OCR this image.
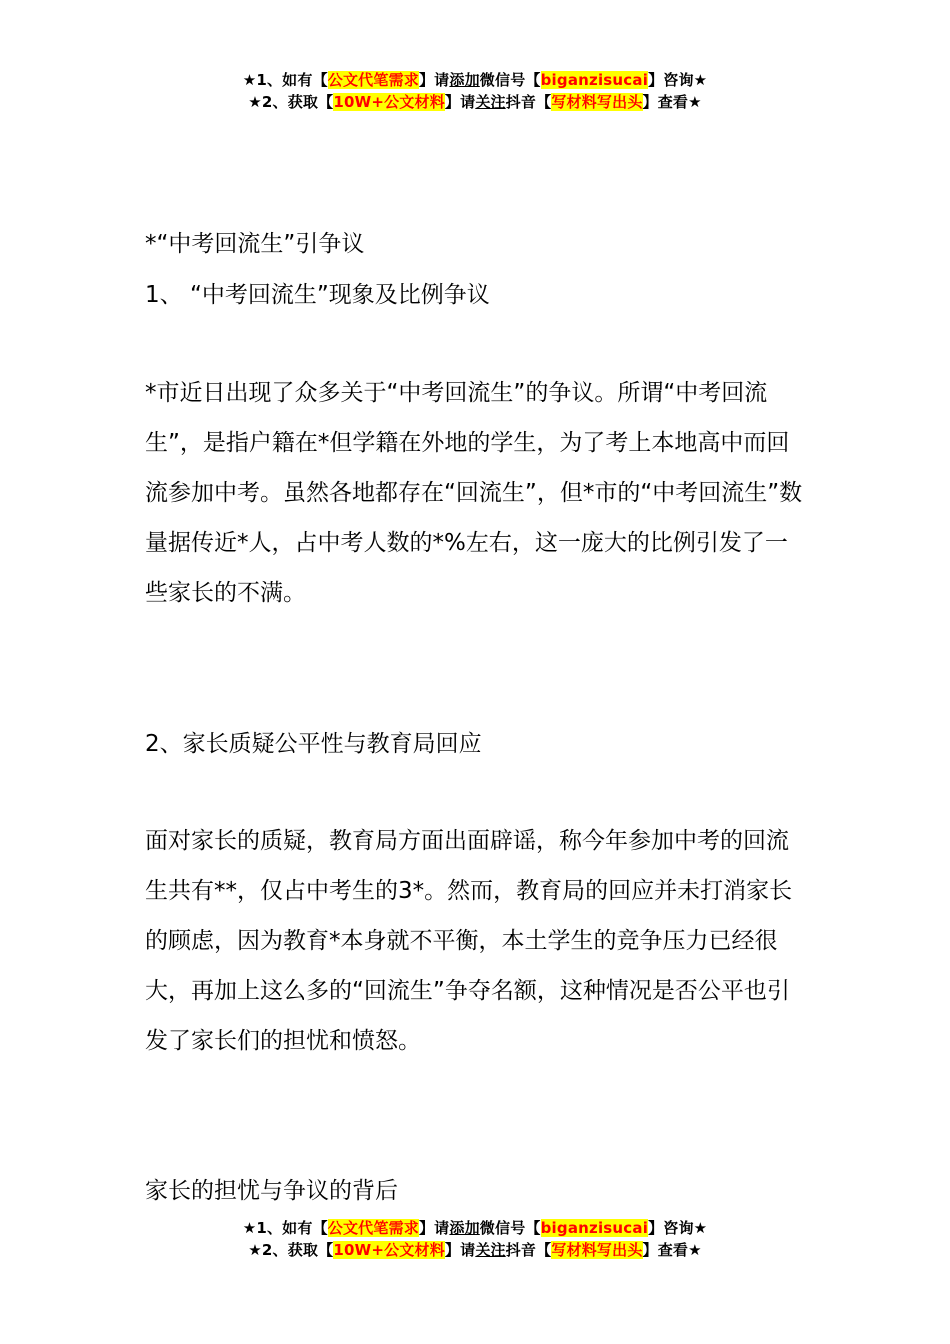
★1、如有【公文代笔需求】请添加微信号【biganzisucai】咨询★
★2、获取【10W+公文材料】请关注抖音【写材料写出头】查看★
*“中考回流生”引争议
1、 “中考回流生”现象及比例争议

*市近日出现了众多关于“中考回流生”的争议。所谓“中考回流生”，是指户籍在*但学籍在外地的学生，为了考上本地高中而回流参加中考。虽然各地都存在“回流生”，但*市的“中考回流生”数量据传近*人，占中考人数的*%左右，这一庞大的比例引发了一些家长的不满。

2、家长质疑公平性与教育局回应

面对家长的质疑，教育局方面出面辟谣，称今年参加中考的回流生共有**，仅占中考生的3*。然而，教育局的回应并未打消家长的顾虑，因为教育*本身就不平衡，本土学生的竞争压力已经很大，再加上这么多的“回流生”争夺名额，这种情况是否公平也引发了家长们的担忧和愤怒。

家长的担忧与争议的背后
★1、如有【公文代笔需求】请添加微信号【biganzisucai】咨询★
★2、获取【10W+公文材料】请关注抖音【写材料写出头】查看★
